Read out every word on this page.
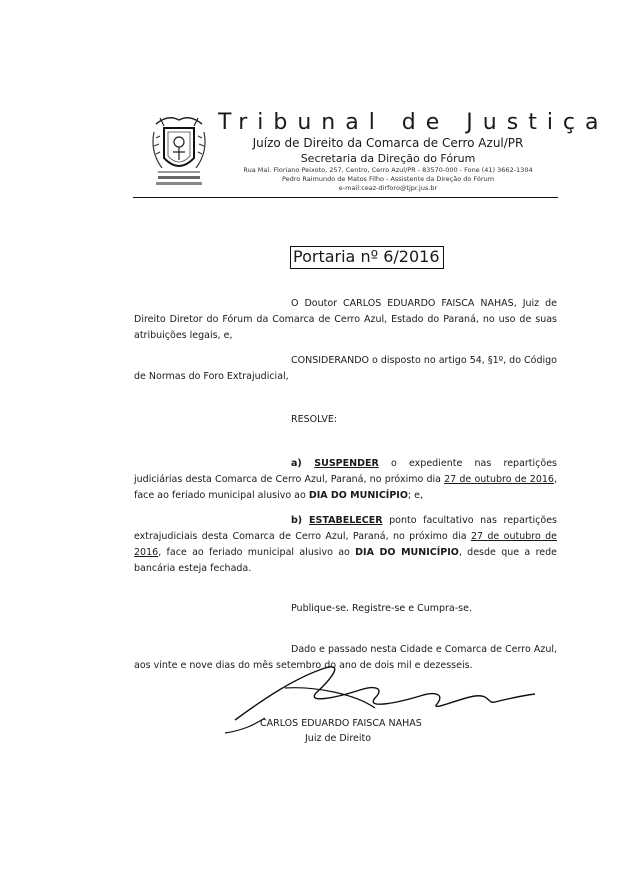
Tribunal de Justiça
Juízo de Direito da Comarca de Cerro Azul/PR
Secretaria da Direção do Fórum
Rua Mal. Floriano Peixoto, 257, Centro, Cerro Azul/PR - 83570-000 - Fone (41) 3662-1304
Pedro Raimundo de Matos Filho - Assistente da Direção do Fórum
e-mail:ceaz-dirforo@tjpr.jus.br
Portaria nº 6/2016
O Doutor CARLOS EDUARDO FAISCA NAHAS, Juiz de Direito Diretor do Fórum da Comarca de Cerro Azul, Estado do Paraná, no uso de suas atribuições legais, e,
CONSIDERANDO o disposto no artigo 54, §1º, do Código de Normas do Foro Extrajudicial,
RESOLVE:
a) SUSPENDER o expediente nas repartições judiciárias desta Comarca de Cerro Azul, Paraná, no próximo dia 27 de outubro de 2016, face ao feriado municipal alusivo ao DIA DO MUNICÍPIO; e,
b) ESTABELECER ponto facultativo nas repartições extrajudiciais desta Comarca de Cerro Azul, Paraná, no próximo dia 27 de outubro de 2016, face ao feriado municipal alusivo ao DIA DO MUNICÍPIO, desde que a rede bancária esteja fechada.
Publique-se. Registre-se e Cumpra-se.
Dado e passado nesta Cidade e Comarca de Cerro Azul, aos vinte e nove dias do mês setembro do ano de dois mil e dezesseis.
CARLOS EDUARDO FAISCA NAHAS
Juiz de Direito
